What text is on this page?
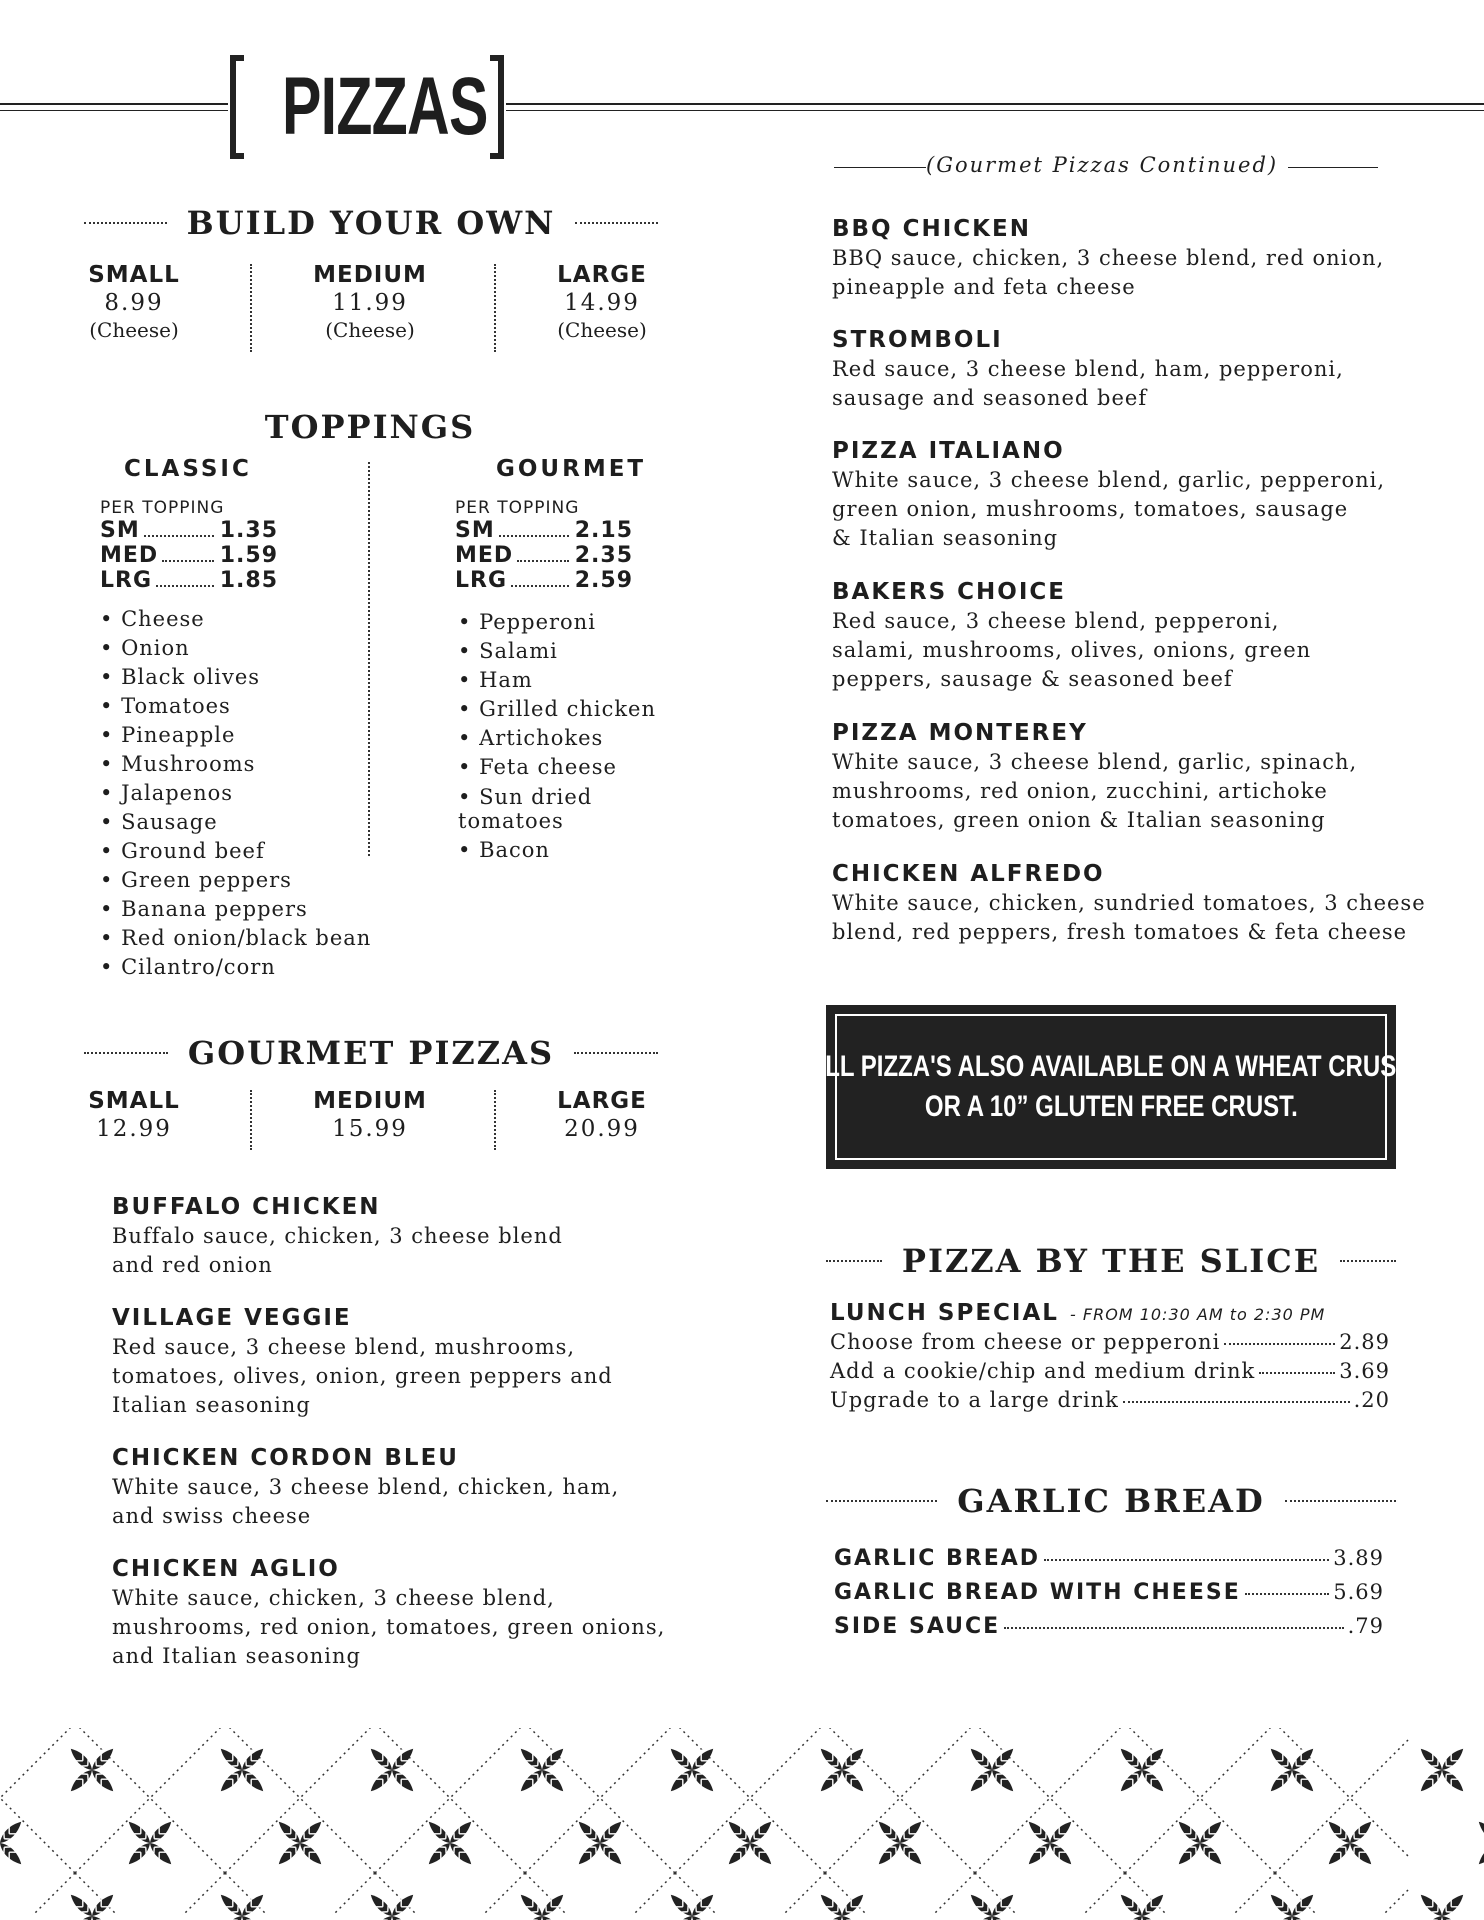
PIZZAS
(Gourmet Pizzas Continued)
BUILD YOUR OWN
SMALL
8.99
(Cheese)
MEDIUM
11.99
(Cheese)
LARGE
14.99
(Cheese)
TOPPINGS
CLASSIC
PER TOPPING
SM	1.35
MED	1.59
LRG	1.85
• Cheese
• Onion
• Black olives
• Tomatoes
• Pineapple
• Mushrooms
• Jalapenos
• Sausage
• Ground beef
• Green peppers
• Banana peppers
• Red onion/black bean
• Cilantro/corn
GOURMET
PER TOPPING
SM	2.15
MED	2.35
LRG	2.59
• Pepperoni
• Salami
• Ham
• Grilled chicken
• Artichokes
• Feta cheese
• Sun dried tomatoes
• Bacon
GOURMET PIZZAS
SMALL
12.99
MEDIUM
15.99
LARGE
20.99
BUFFALO CHICKEN
Buffalo sauce, chicken, 3 cheese blend
and red onion
VILLAGE VEGGIE
Red sauce, 3 cheese blend, mushrooms,
tomatoes, olives, onion, green peppers and
Italian seasoning
CHICKEN CORDON BLEU
White sauce, 3 cheese blend, chicken, ham,
and swiss cheese
CHICKEN AGLIO
White sauce, chicken, 3 cheese blend,
mushrooms, red onion, tomatoes, green onions,
and Italian seasoning
BBQ CHICKEN
BBQ sauce, chicken, 3 cheese blend, red onion,
pineapple and feta cheese
STROMBOLI
Red sauce, 3 cheese blend, ham, pepperoni,
sausage and seasoned beef
PIZZA ITALIANO
White sauce, 3 cheese blend, garlic, pepperoni,
green onion, mushrooms, tomatoes, sausage
& Italian seasoning
BAKERS CHOICE
Red sauce, 3 cheese blend, pepperoni,
salami, mushrooms, olives, onions, green
peppers, sausage & seasoned beef
PIZZA MONTEREY
White sauce, 3 cheese blend, garlic, spinach,
mushrooms, red onion, zucchini, artichoke
tomatoes, green onion & Italian seasoning
CHICKEN ALFREDO
White sauce, chicken, sundried tomatoes, 3 cheese
blend, red peppers, fresh tomatoes & feta cheese
ALL PIZZA'S ALSO AVAILABLE ON A WHEAT CRUST,
OR A 10” GLUTEN FREE CRUST.
PIZZA BY THE SLICE
LUNCH SPECIAL - FROM 10:30 AM to 2:30 PM
Choose from cheese or pepperoni	2.89
Add a cookie/chip and medium drink	3.69
Upgrade to a large drink	.20
GARLIC BREAD
GARLIC BREAD	3.89
GARLIC BREAD WITH CHEESE	5.69
SIDE SAUCE	.79
